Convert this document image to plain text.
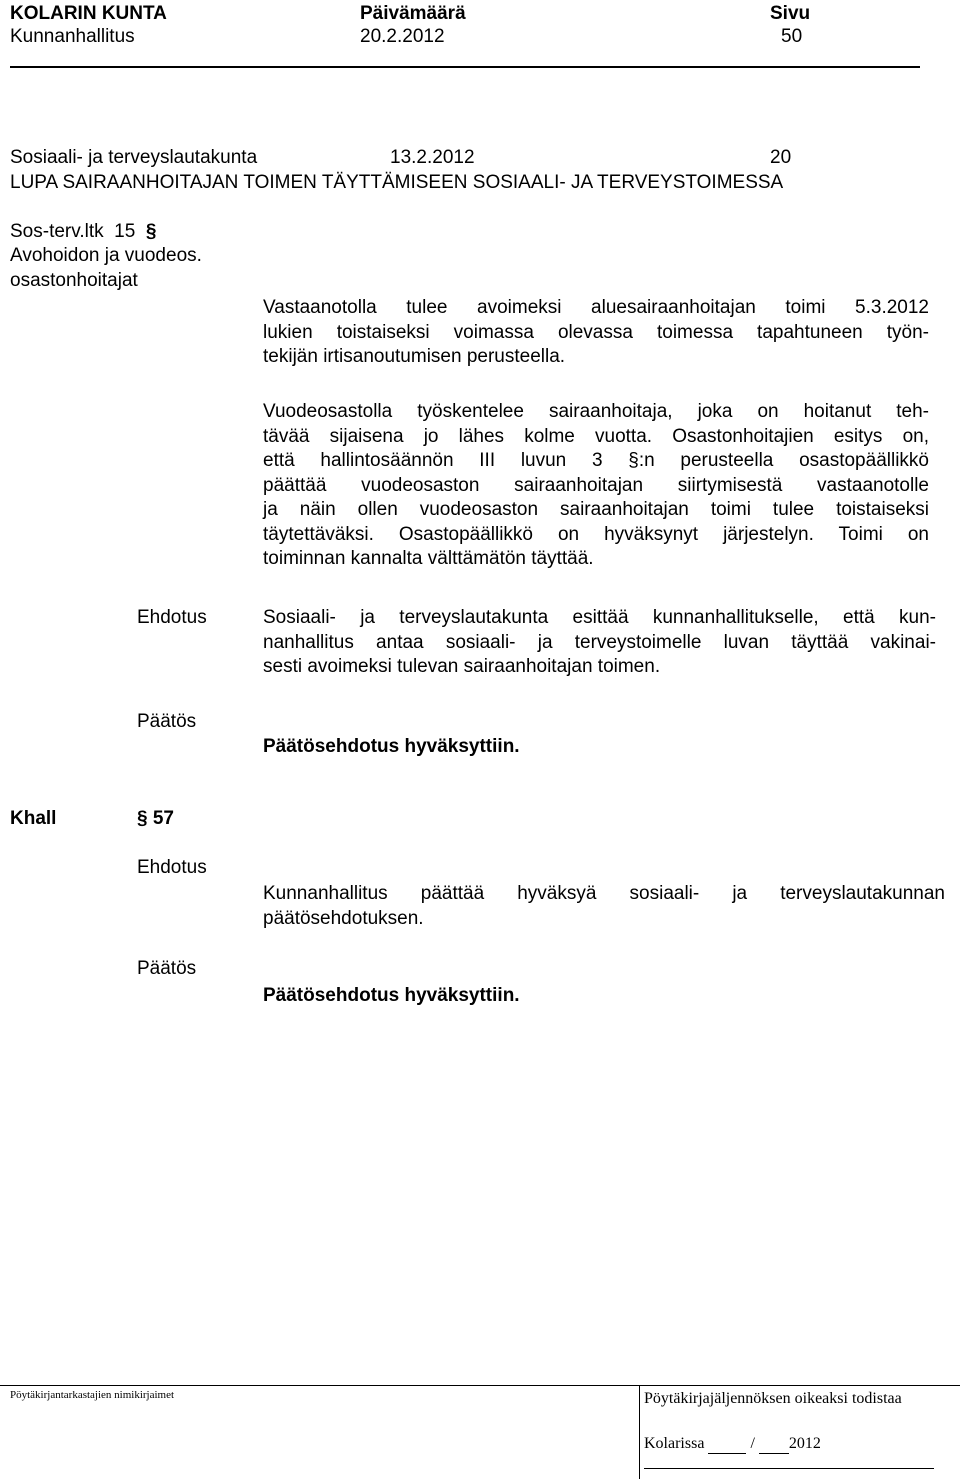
KOLARIN KUNTA
Kunnanhallitus
Päivämäärä
20.2.2012
Sivu
50
Sosiaali- ja terveyslautakunta	13.2.2012	20
LUPA SAIRAANHOITAJAN TOIMEN TÄYTTÄMISEEN SOSIAALI- JA TERVEYSTOIMESSA
Sos-terv.ltk 15 §
Avohoidon ja vuodeos.
osastonhoitajat
Vastaanotolla tulee avoimeksi aluesairaanhoitajan toimi 5.3.2012
lukien toistaiseksi voimassa olevassa toimessa tapahtuneen työn-
tekijän irtisanoutumisen perusteella.
Vuodeosastolla työskentelee sairaanhoitaja, joka on hoitanut teh-
tävää sijaisena jo lähes kolme vuotta. Osastonhoitajien esitys on,
että hallintosäännön III luvun 3 §:n perusteella osastopäällikkö
päättää vuodeosaston sairaanhoitajan siirtymisestä vastaanotolle
ja näin ollen vuodeosaston sairaanhoitajan toimi tulee toistaiseksi
täytettäväksi. Osastopäällikkö on hyväksynyt järjestelyn. Toimi on
toiminnan kannalta välttämätön täyttää.
Ehdotus	Sosiaali- ja terveyslautakunta esittää kunnanhallitukselle, että kun-
nanhallitus antaa sosiaali- ja terveystoimelle luvan täyttää vakinai-
sesti avoimeksi tulevan sairaanhoitajan toimen.
Päätös
Päätösehdotus hyväksyttiin.
Khall	§ 57
Ehdotus
Kunnanhallitus päättää hyväksyä sosiaali- ja terveyslautakunnan
päätösehdotuksen.
Päätös
Päätösehdotus hyväksyttiin.
Pöytäkirjantarkastajien nimikirjaimet	Pöytäkirjajäljennöksen oikeaksi todistaa
Kolarissa	/ 2012
